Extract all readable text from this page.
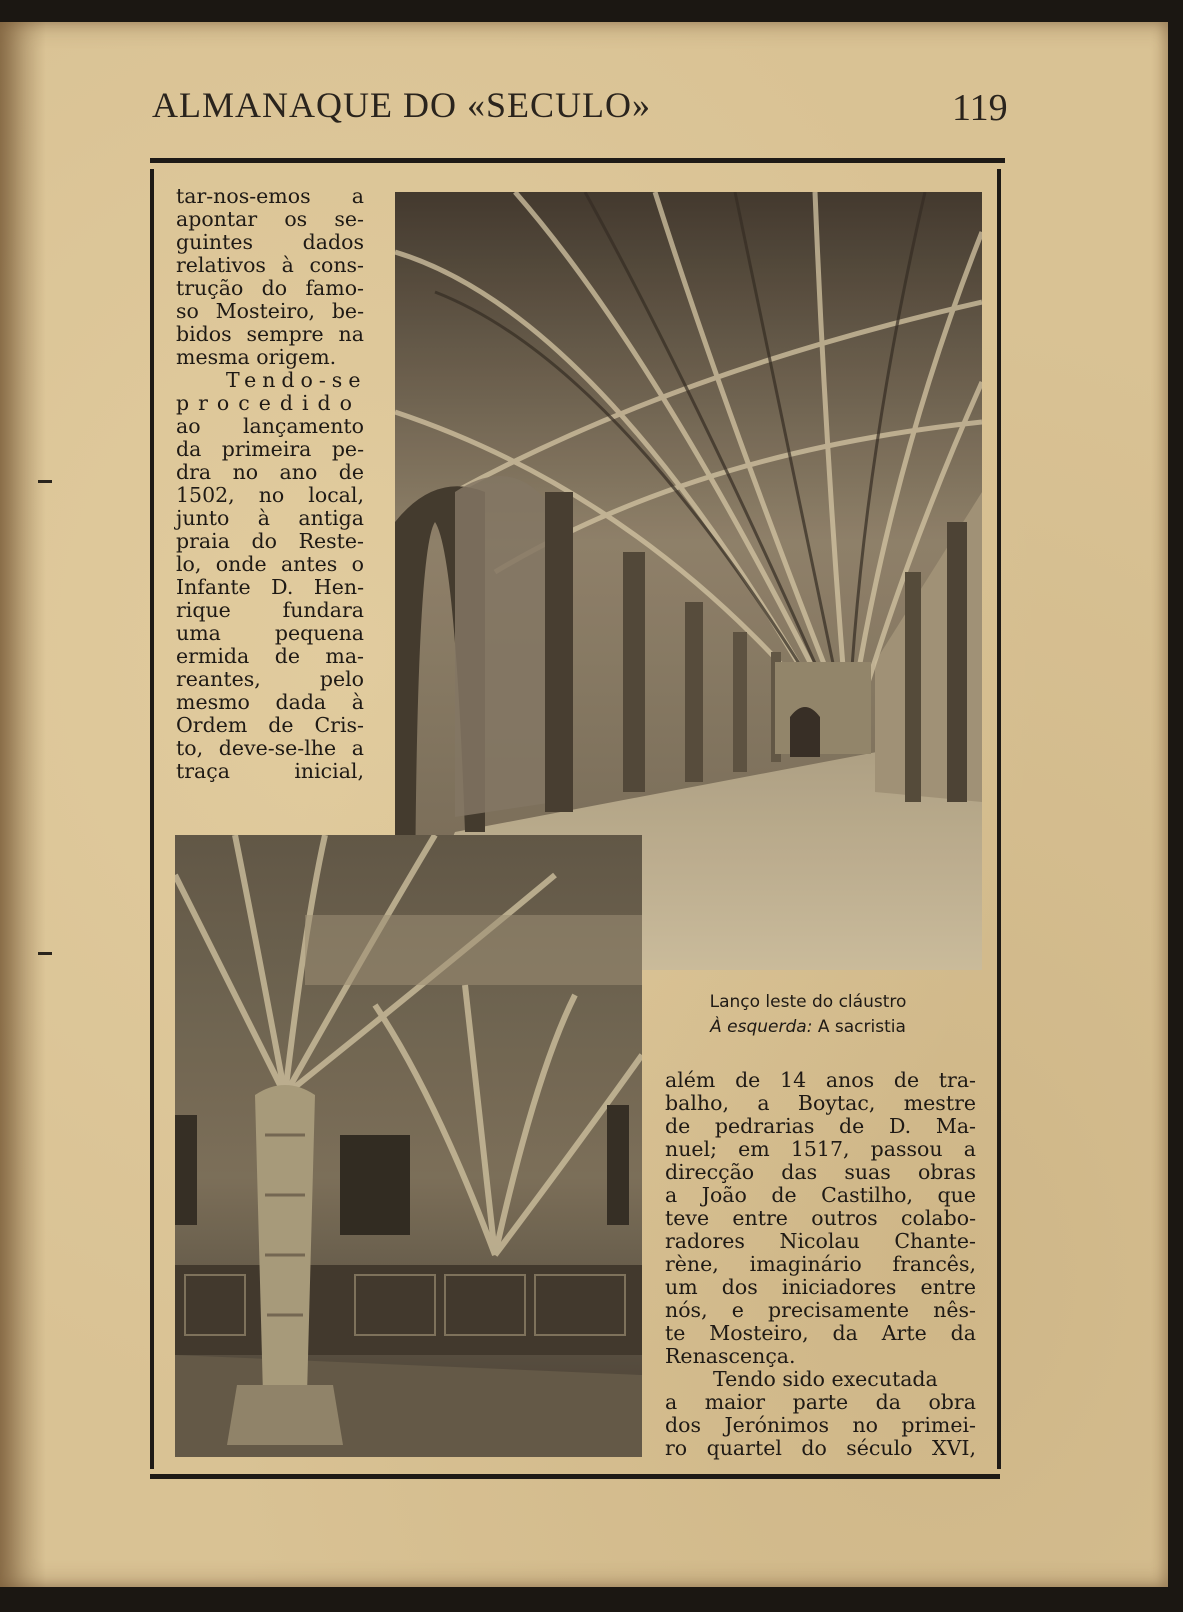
ALMANAQUE DO «SECULO»	119
tar-nos-emos a
apontar os se-
guintes dados
relativos à cons-
trução do famo-
so Mosteiro, be-
bidos sempre na
mesma origem.
Tendo-se
procedido
ao lançamento
da primeira pe-
dra no ano de
1502, no local,
junto à antiga
praia do Reste-
lo, onde antes o
Infante D. Hen-
rique	fundara
uma	pequena
ermida de ma-
reantes,	pelo
mesmo dada à
Ordem de Cris-
to, deve-se-lhe a
traça	inicial,
Lanço leste do cláustro
À esquerda: A sacristia
além de 14 anos de tra-
balho, a Boytac, mestre
de pedrarias de D. Ma-
nuel; em 1517, passou a
direcção das suas obras
a João de Castilho, que
teve entre outros colabo-
radores Nicolau Chante-
rène, imaginário francês,
um dos iniciadores entre
nós, e precisamente nês-
te Mosteiro, da Arte da
Renascença.
Tendo sido executada
a maior parte da obra
dos Jerónimos no primei-
ro quartel do século XVI,
